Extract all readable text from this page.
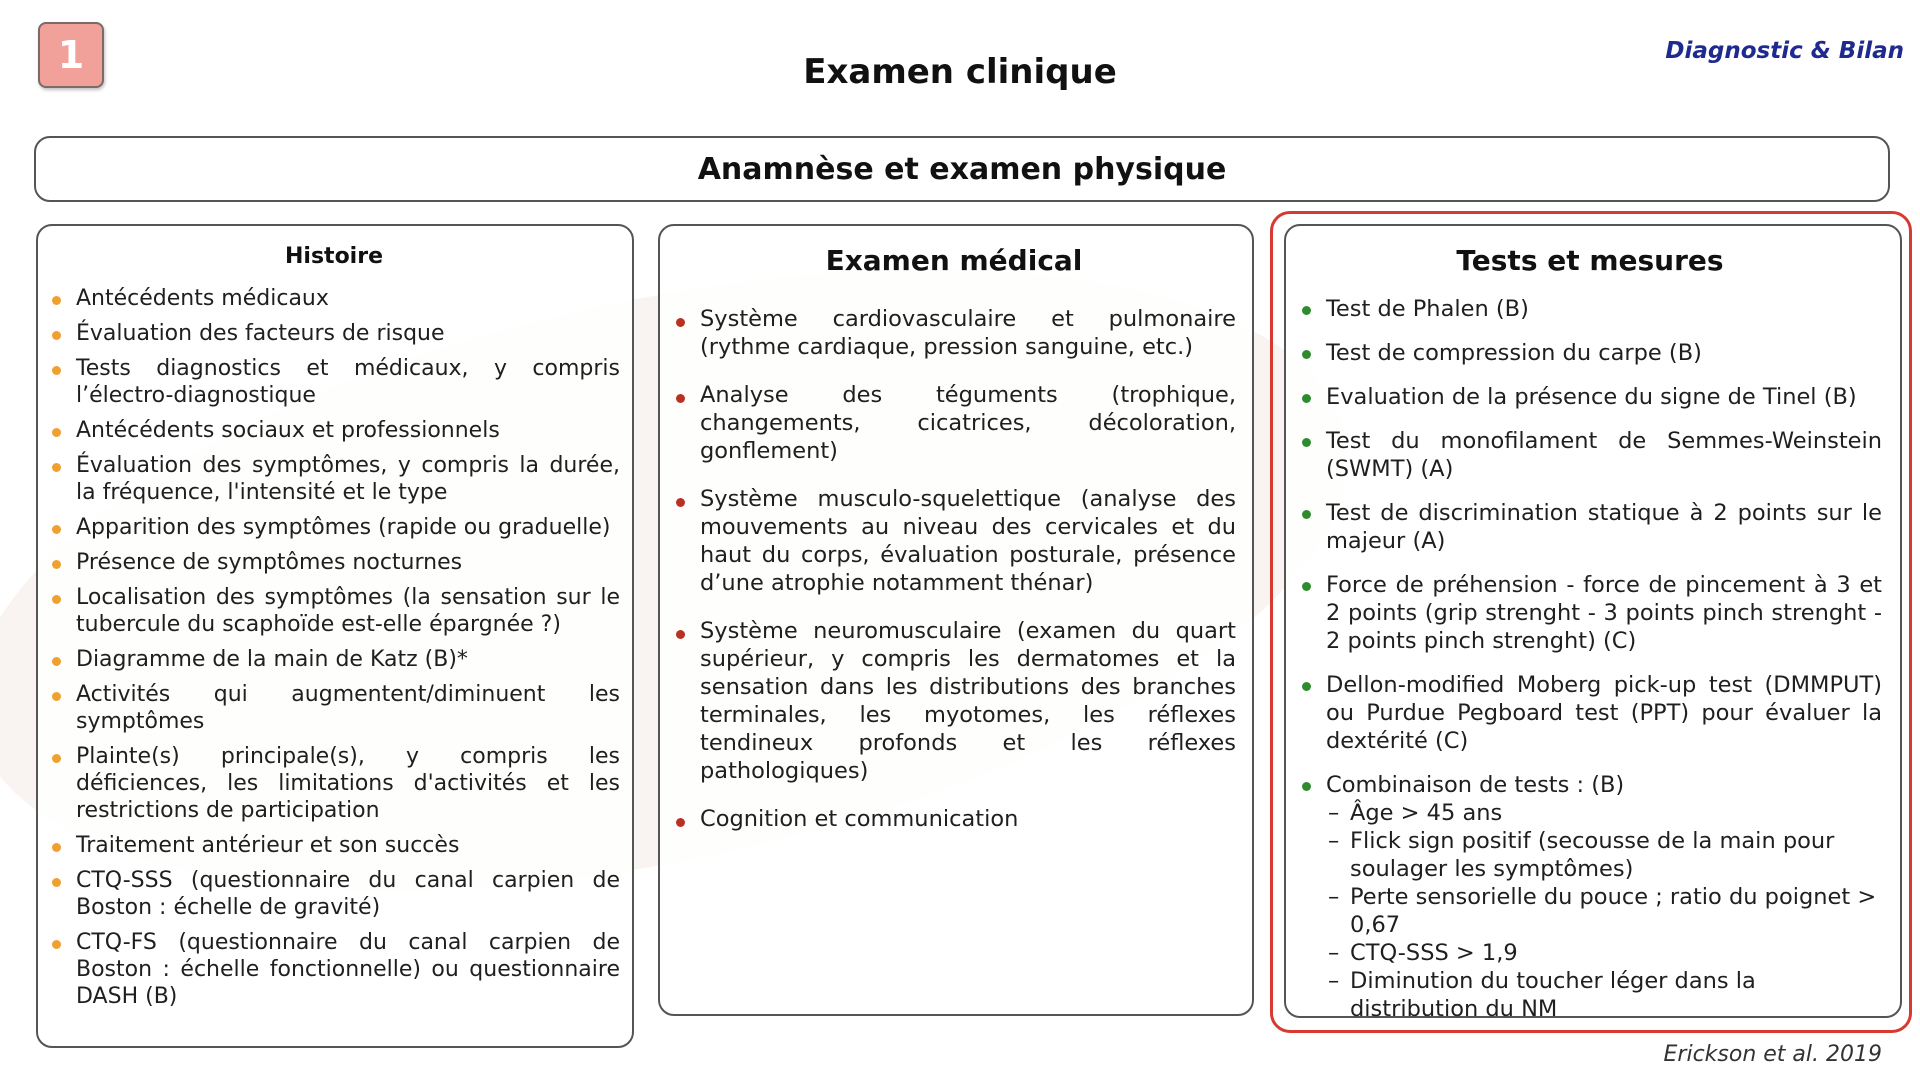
1	Examen clinique
Diagnostic & Bilan
Anamnèse et examen physique
Histoire
Antécédents médicaux
Évaluation des facteurs de risque
Tests diagnostics et médicaux, y compris l’électro-diagnostique
Antécédents sociaux et professionnels
Évaluation des symptômes, y compris la durée, la fréquence, l'intensité et le type
Apparition des symptômes (rapide ou graduelle)
Présence de symptômes nocturnes
Localisation des symptômes (la sensation sur le tubercule du scaphoïde est-elle épargnée ?)
Diagramme de la main de Katz (B)*
Activités qui augmentent/diminuent les symptômes
Plainte(s) principale(s), y compris les déficiences, les limitations d'activités et les restrictions de participation
Traitement antérieur et son succès
CTQ-SSS (questionnaire du canal carpien de Boston : échelle de gravité)
CTQ-FS (questionnaire du canal carpien de Boston : échelle fonctionnelle) ou questionnaire DASH (B)
Examen médical
Système cardiovasculaire et pulmonaire (rythme cardiaque, pression sanguine, etc.)
Analyse des téguments (trophique, changements, cicatrices, décoloration, gonflement)
Système musculo-squelettique (analyse des mouvements au niveau des cervicales et du haut du corps, évaluation posturale, présence d’une atrophie notamment thénar)
Système neuromusculaire (examen du quart supérieur, y compris les dermatomes et la sensation dans les distributions des branches terminales, les myotomes, les réflexes tendineux profonds et les réflexes pathologiques)
Cognition et communication
Tests et mesures
Test de Phalen (B)
Test de compression du carpe (B)
Evaluation de la présence du signe de Tinel (B)
Test du monofilament de Semmes-Weinstein (SWMT) (A)
Test de discrimination statique à 2 points sur le majeur (A)
Force de préhension - force de pincement à 3 et 2 points (grip strenght - 3 points pinch strenght - 2 points pinch strenght) (C)
Dellon-modified Moberg pick-up test (DMMPUT) ou Purdue Pegboard test (PPT) pour évaluer la dextérité (C)
Combinaison de tests : (B)
– Âge > 45 ans
– Flick sign positif (secousse de la main pour soulager les symptômes)
– Perte sensorielle du pouce ; ratio du poignet > 0,67
– CTQ-SSS > 1,9
– Diminution du toucher léger dans la distribution du NM
Erickson et al. 2019
